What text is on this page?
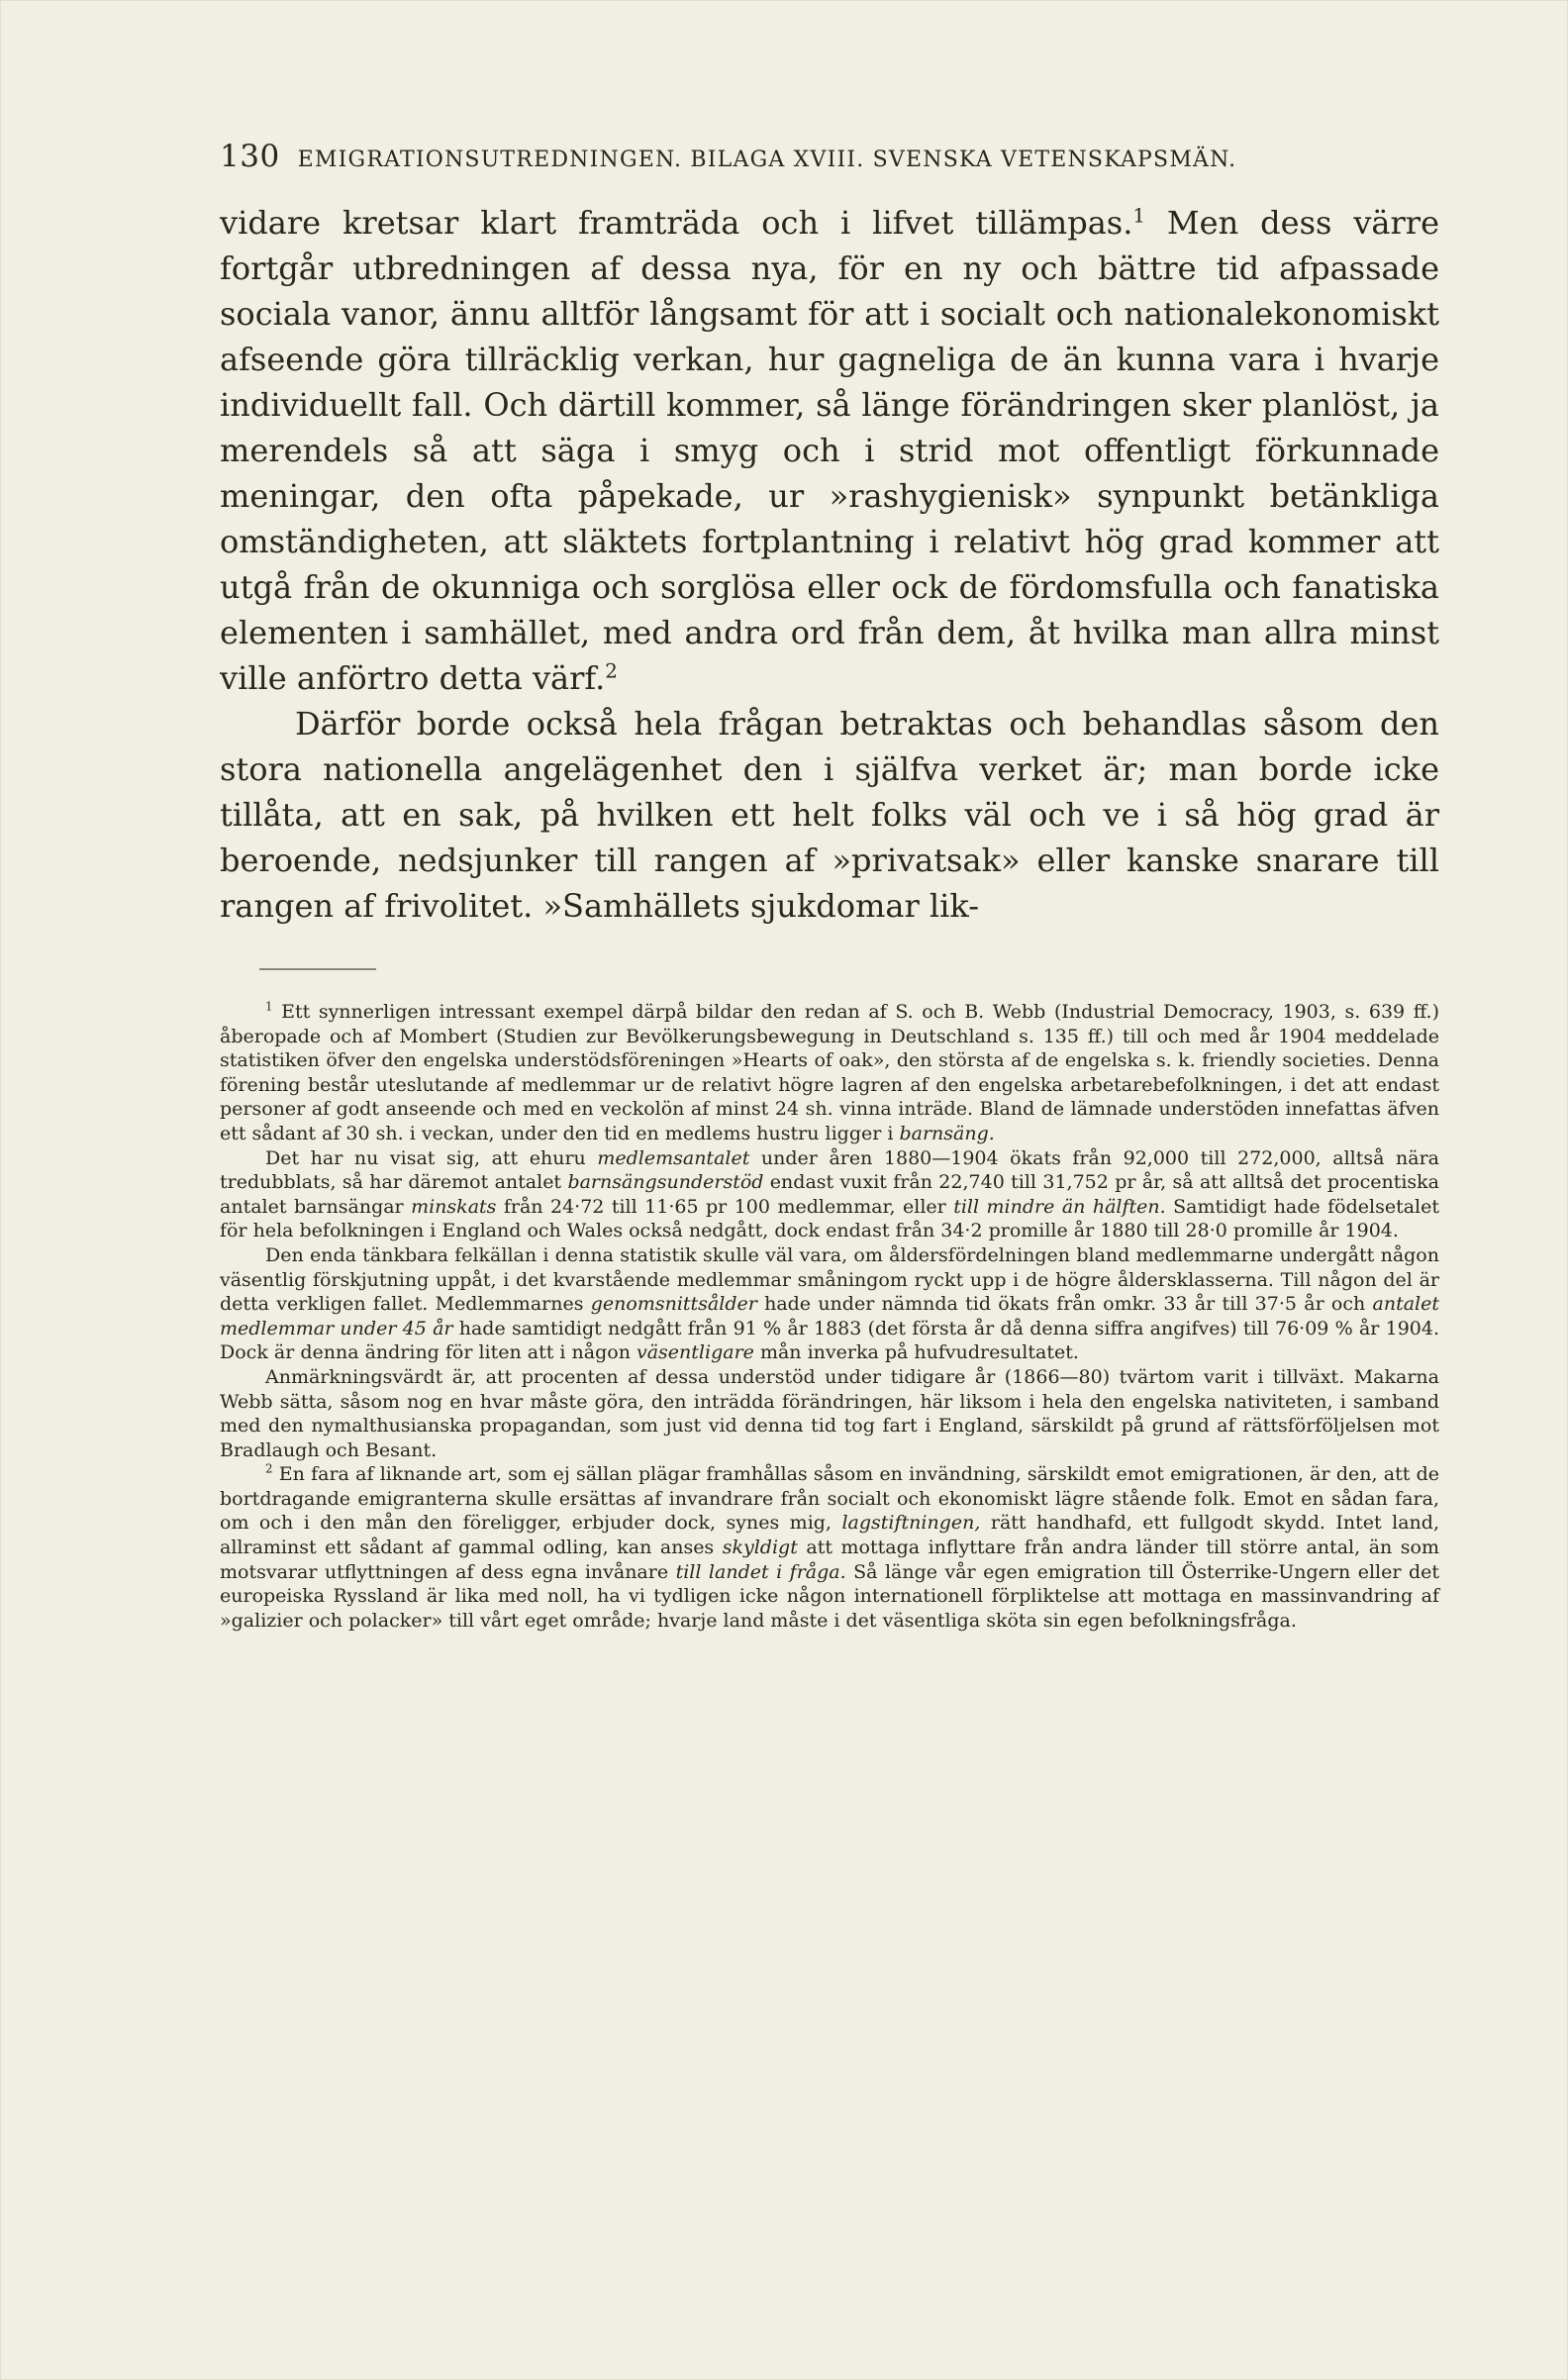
130 EMIGRATIONSUTREDNINGEN. BILAGA XVIII. SVENSKA VETENSKAPSMÄN.

vidare kretsar klart framträda och i lifvet tillämpas.$^1$ Men dess värre fortgår utbredningen af dessa nya, för en ny och bättre tid afpassade sociala vanor, ännu alltför långsamt för att i socialt och nationalekonomiskt afseende göra tillräcklig verkan, hur gagneliga de än kunna vara i hvarje individuellt fall. Och därtill kommer, så länge förändringen sker planlöst, ja merendels så att säga i smyg och i strid mot offentligt förkunnade meningar, den ofta påpekade, ur »rashygienisk» synpunkt betänkliga omständigheten, att släktets fortplantning i relativt hög grad kommer att utgå från de okunniga och sorglösa eller ock de fördomsfulla och fanatiska elementen i samhället, med andra ord från dem, åt hvilka man allra minst ville anförtro detta värf.$^2$

Därför borde också hela frågan betraktas och behandlas såsom den stora nationella angelägenhet den i själfva verket är; man borde icke tillåta, att en sak, på hvilken ett helt folks väl och ve i så hög grad är beroende, nedsjunker till rangen af »privatsak» eller kanske snarare till rangen af frivolitet. »Samhällets sjukdomar lik-

$^1$ Ett synnerligen intressant exempel därpå bildar den redan af S. och B. Webb (Industrial Democracy, 1903, s. 639 ff.) åberopade och af Mombert (Studien zur Bevölkerungsbewegung in Deutschland s. 135 ff.) till och med år 1904 meddelade statistiken öfver den engelska understödsföreningen »Hearts of oak», den största af de engelska s. k. friendly societies. Denna förening består uteslutande af medlemmar ur de relativt högre lagren af den engelska arbetarebefolkningen, i det att endast personer af godt anseende och med en veckolön af minst 24 sh. vinna inträde. Bland de lämnade understöden innefattas äfven ett sådant af 30 sh. i veckan, under den tid en medlems hustru ligger i barnsäng.

Det har nu visat sig, att ehuru medlemsantalet under åren 1880—1904 ökats från 92,000 till 272,000, alltså nära tredubblats, så har däremot antalet barnsängsunderstöd endast vuxit från 22,740 till 31,752 pr år, så att alltså det procentiska antalet barnsängar minskats från 24·72 till 11·65 pr 100 medlemmar, eller till mindre än hälften. Samtidigt hade födelsetalet för hela befolkningen i England och Wales också nedgått, dock endast från 34·2 promille år 1880 till 28·0 promille år 1904.

Den enda tänkbara felkällan i denna statistik skulle väl vara, om åldersfördelningen bland medlemmarne undergått någon väsentlig förskjutning uppåt, i det kvarstående medlemmar småningom ryckt upp i de högre åldersklasserna. Till någon del är detta verkligen fallet. Medlemmarnes genomsnittsålder hade under nämnda tid ökats från omkr. 33 år till 37·5 år och antalet medlemmar under 45 år hade samtidigt nedgått från 91 % år 1883 (det första år då denna siffra angifves) till 76·09 % år 1904. Dock är denna ändring för liten att i någon väsentligare mån inverka på hufvudresultatet.

Anmärkningsvärdt är, att procenten af dessa understöd under tidigare år (1866—80) tvärtom varit i tillväxt. Makarna Webb sätta, såsom nog en hvar måste göra, den inträdda förändringen, här liksom i hela den engelska nativiteten, i samband med den nymalthusianska propagandan, som just vid denna tid tog fart i England, särskildt på grund af rättsförföljelsen mot Bradlaugh och Besant.

$^2$ En fara af liknande art, som ej sällan plägar framhållas såsom en invändning, särskildt emot emigrationen, är den, att de bortdragande emigranterna skulle ersättas af invandrare från socialt och ekonomiskt lägre stående folk. Emot en sådan fara, om och i den mån den föreligger, erbjuder dock, synes mig, lagstiftningen, rätt handhafd, ett fullgodt skydd. Intet land, allraminst ett sådant af gammal odling, kan anses skyldigt att mottaga inflyttare från andra länder till större antal, än som motsvarar utflyttningen af dess egna invånare till landet i fråga. Så länge vår egen emigration till Österrike-Ungern eller det europeiska Ryssland är lika med noll, ha vi tydligen icke någon internationell förpliktelse att mottaga en massinvandring af »galizier och polacker» till vårt eget område; hvarje land måste i det väsentliga sköta sin egen befolkningsfråga.
